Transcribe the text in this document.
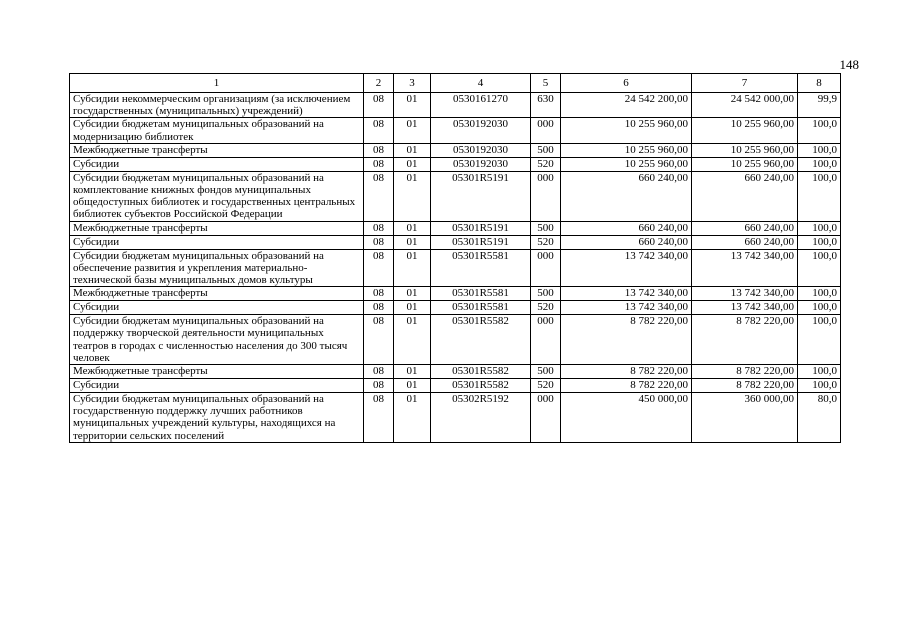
148
1	2	3	4	5	6	7	8
Субсидии некоммерческим организациям (за исключением государственных (муниципальных) учреждений)	08	01	0530161270	630	24 542 200,00	24 542 000,00	99,9
Субсидии бюджетам муниципальных образований на модернизацию библиотек	08	01	0530192030	000	10 255 960,00	10 255 960,00	100,0
Межбюджетные трансферты	08	01	0530192030	500	10 255 960,00	10 255 960,00	100,0
Субсидии	08	01	0530192030	520	10 255 960,00	10 255 960,00	100,0
Субсидии бюджетам муниципальных образований на комплектование книжных фондов муниципальных общедоступных библиотек и государственных центральных библиотек субъектов Российской Федерации	08	01	05301R5191	000	660 240,00	660 240,00	100,0
Межбюджетные трансферты	08	01	05301R5191	500	660 240,00	660 240,00	100,0
Субсидии	08	01	05301R5191	520	660 240,00	660 240,00	100,0
Субсидии бюджетам муниципальных образований на обеспечение развития и укрепления материально-технической базы муниципальных домов культуры	08	01	05301R5581	000	13 742 340,00	13 742 340,00	100,0
Межбюджетные трансферты	08	01	05301R5581	500	13 742 340,00	13 742 340,00	100,0
Субсидии	08	01	05301R5581	520	13 742 340,00	13 742 340,00	100,0
Субсидии бюджетам муниципальных образований на поддержку творческой деятельности муниципальных театров в городах с численностью населения до 300 тысяч человек	08	01	05301R5582	000	8 782 220,00	8 782 220,00	100,0
Межбюджетные трансферты	08	01	05301R5582	500	8 782 220,00	8 782 220,00	100,0
Субсидии	08	01	05301R5582	520	8 782 220,00	8 782 220,00	100,0
Субсидии бюджетам муниципальных образований на государственную поддержку лучших работников муниципальных учреждений культуры, находящихся на территории сельских поселений	08	01	05302R5192	000	450 000,00	360 000,00	80,0
